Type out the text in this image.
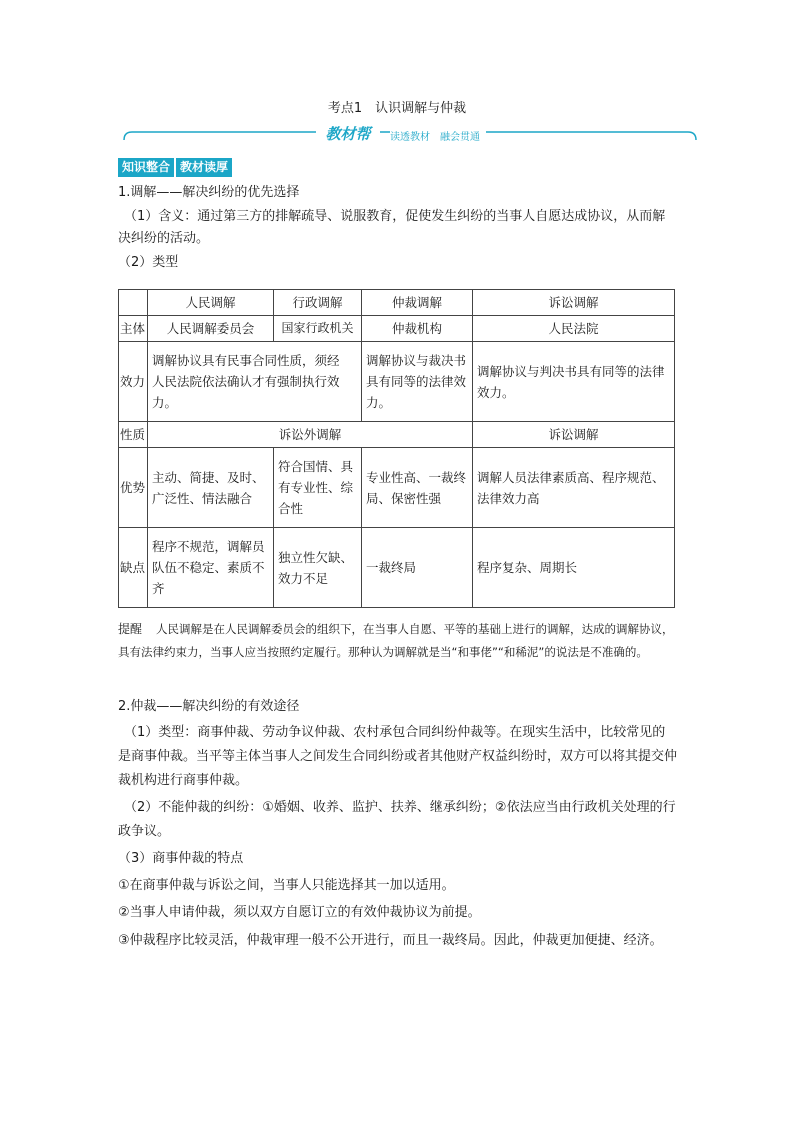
考点1　认识调解与仲裁
教材帮	读透教材　融会贯通
知识整合 教材读厚

1.调解——解决纠纷的优先选择

（1）含义：通过第三方的排解疏导、说服教育，促使发生纠纷的当事人自愿达成协议，从而解决纠纷的活动。

（2）类型

	人民调解	行政调解	仲裁调解	诉讼调解
主体	人民调解委员会	国家行政机关	仲裁机构	人民法院
效力	调解协议具有民事合同性质，须经人民法院依法确认才有强制执行效力。		调解协议与裁决书具有同等的法律效力。	调解协议与判决书具有同等的法律效力。
性质	诉讼外调解			诉讼调解
优势	主动、简捷、及时、广泛性、情法融合	符合国情、具有专业性、综合性	专业性高、一裁终局、保密性强	调解人员法律素质高、程序规范、法律效力高
缺点	程序不规范，调解员队伍不稳定、素质不齐	独立性欠缺、效力不足	一裁终局	程序复杂、周期长
提醒 人民调解是在人民调解委员会的组织下，在当事人自愿、平等的基础上进行的调解，达成的调解协议，具有法律约束力，当事人应当按照约定履行。那种认为调解就是当“和事佬”“和稀泥”的说法是不准确的。

2.仲裁——解决纠纷的有效途径

（1）类型：商事仲裁、劳动争议仲裁、农村承包合同纠纷仲裁等。在现实生活中，比较常见的是商事仲裁。当平等主体当事人之间发生合同纠纷或者其他财产权益纠纷时，双方可以将其提交仲裁机构进行商事仲裁。

（2）不能仲裁的纠纷：①婚姻、收养、监护、扶养、继承纠纷；②依法应当由行政机关处理的行政争议。

（3）商事仲裁的特点

①在商事仲裁与诉讼之间，当事人只能选择其一加以适用。

②当事人申请仲裁，须以双方自愿订立的有效仲裁协议为前提。

③仲裁程序比较灵活，仲裁审理一般不公开进行，而且一裁终局。因此，仲裁更加便捷、经济。
